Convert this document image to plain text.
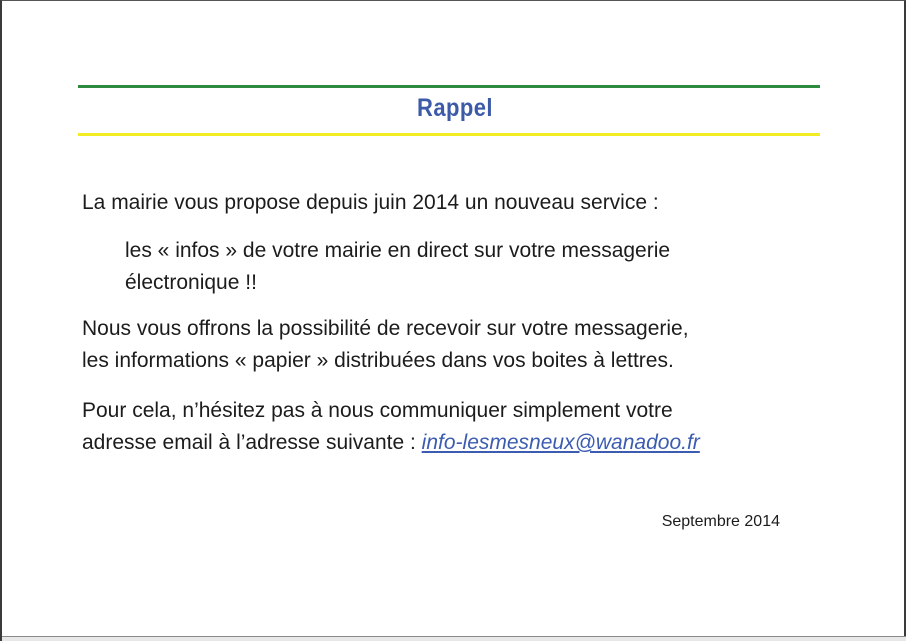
Rappel
La mairie vous propose depuis juin 2014 un nouveau service :
les « infos » de votre mairie en direct sur votre messagerie
électronique !!
Nous vous offrons la possibilité de recevoir sur votre messagerie,
les informations « papier » distribuées dans vos boites à lettres.
Pour cela, n’hésitez pas à nous communiquer simplement votre
adresse email à l’adresse suivante : info-lesmesneux@wanadoo.fr
Septembre 2014
